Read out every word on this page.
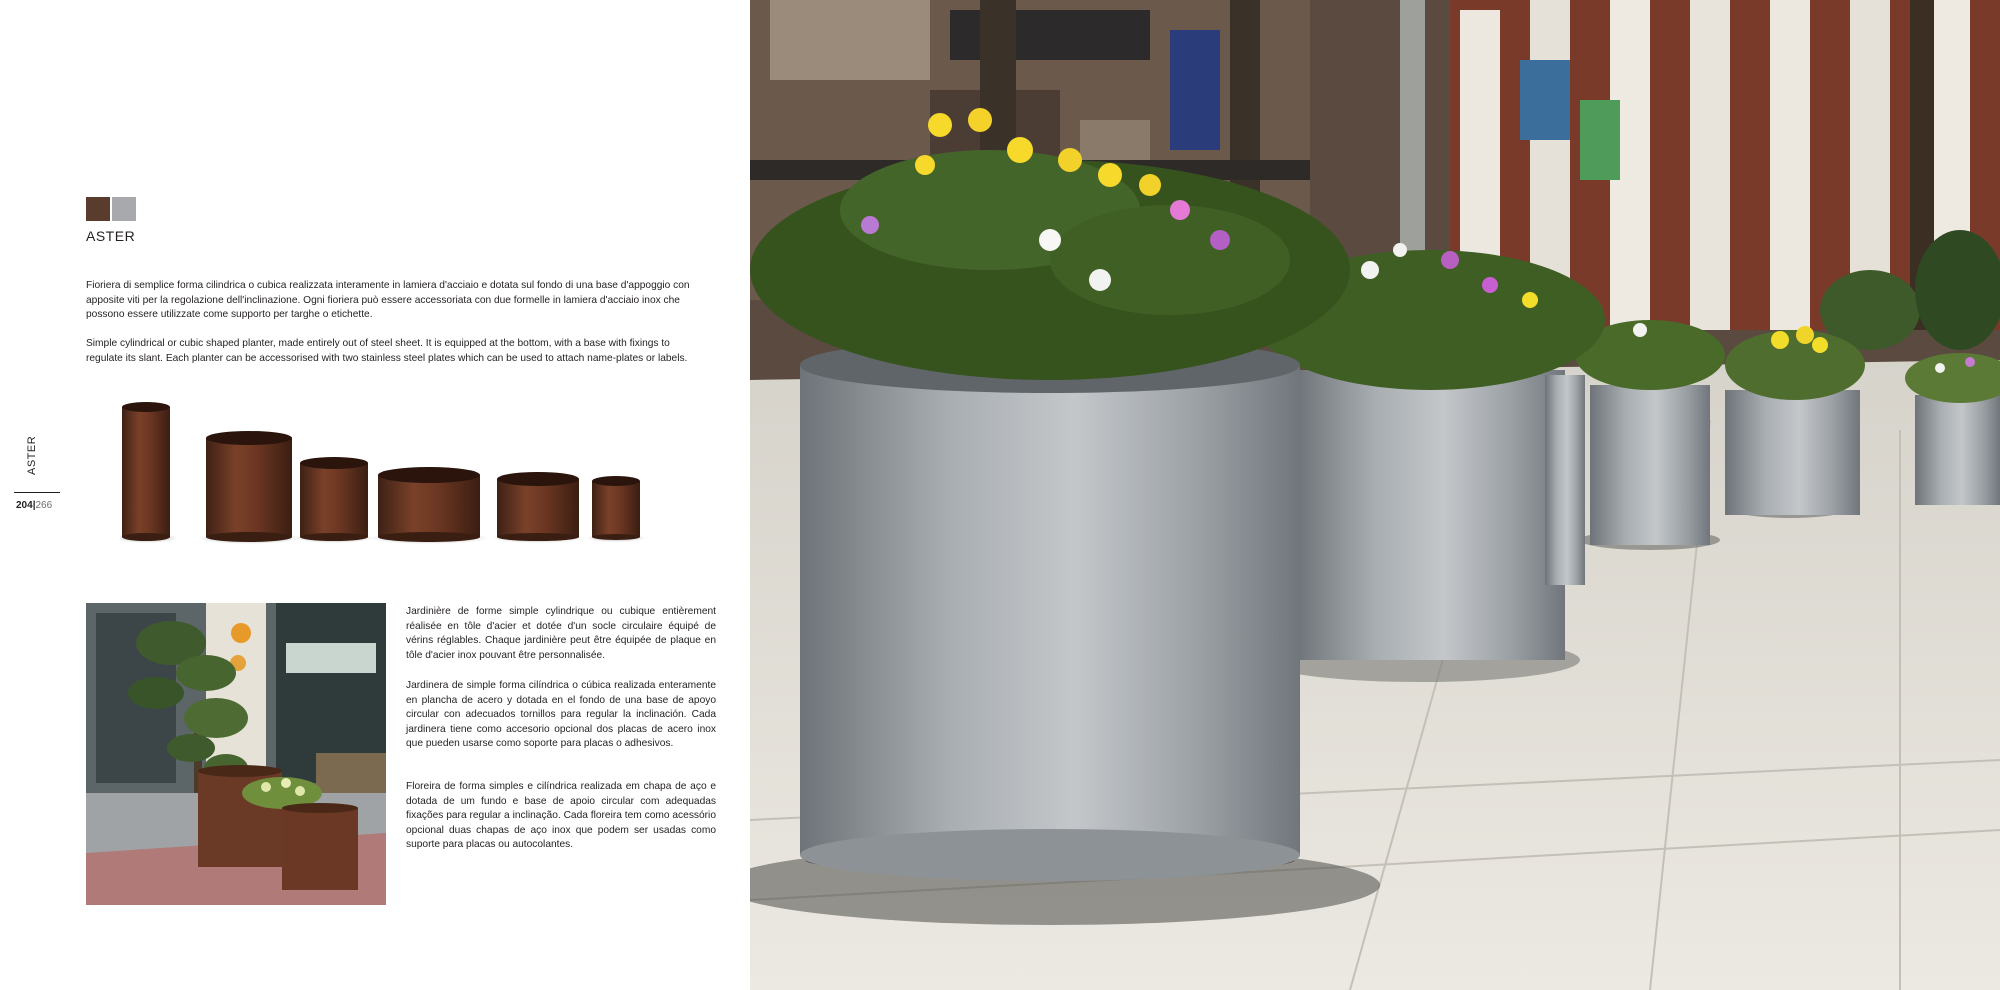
ASTER

Fioriera di semplice forma cilindrica o cubica realizzata interamente in lamiera d'acciaio e dotata sul fondo di una base d'appoggio con apposite viti per la regolazione dell'inclinazione. Ogni fioriera può essere accessoriata con due formelle in lamiera d'acciaio inox che possono essere utilizzate come supporto per targhe o etichette.

Simple cylindrical or cubic shaped planter, made entirely out of steel sheet. It is equipped at the bottom, with a base with fixings to regulate its slant. Each planter can be accessorised with two stainless steel plates which can be used to attach name-plates or labels.

ASTER
204|266

Jardinière de forme simple cylindrique ou cubique entièrement réalisée en tôle d'acier et dotée d'un socle circulaire équipé de vérins réglables. Chaque jardinière peut être équipée de plaque en tôle d'acier inox pouvant être personnalisée.

Jardinera de simple forma cilíndrica o cúbica realizada enteramente en plancha de acero y dotada en el fondo de una base de apoyo circular con adecuados tornillos para regular la inclinación. Cada jardinera tiene como accesorio opcional dos placas de acero inox que pueden usarse como soporte para placas o adhesivos.

Floreira de forma simples e cilíndrica realizada em chapa de aço e dotada de um fundo e base de apoio circular com adequadas fixações para regular a inclinação. Cada floreira tem como acessório opcional duas chapas de aço inox que podem ser usadas como suporte para placas ou autocolantes.
